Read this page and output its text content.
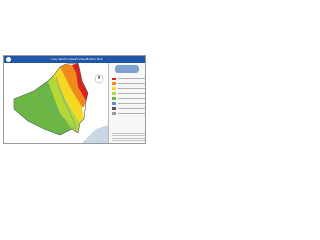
Iraq: Seismic Hazard Classification Map
